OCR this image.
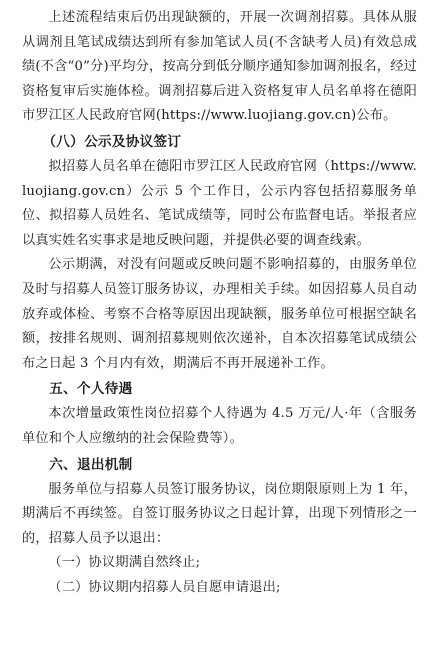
上述流程结束后仍出现缺额的，开展一次调剂招募。具体从服从调剂且笔试成绩达到所有参加笔试人员(不含缺考人员)有效总成绩(不含“0”分)平均分，按高分到低分顺序通知参加调剂报名，经过资格复审后实施体检。调剂招募后进入资格复审人员名单将在德阳市罗江区人民政府官网(https://www.luojiang.gov.cn)公布。

（八）公示及协议签订

拟招募人员名单在德阳市罗江区人民政府官网（https://www.luojiang.gov.cn）公示 5 个工作日，公示内容包括招募服务单位、拟招募人员姓名、笔试成绩等，同时公布监督电话。举报者应以真实姓名实事求是地反映问题，并提供必要的调查线索。

公示期满，对没有问题或反映问题不影响招募的，由服务单位及时与招募人员签订服务协议，办理相关手续。如因招募人员自动放弃或体检、考察不合格等原因出现缺额，服务单位可根据空缺名额，按排名规则、调剂招募规则依次递补，自本次招募笔试成绩公布之日起 3 个月内有效，期满后不再开展递补工作。

五、个人待遇

本次增量政策性岗位招募个人待遇为 4.5 万元/人·年（含服务单位和个人应缴纳的社会保险费等）。

六、退出机制

服务单位与招募人员签订服务协议，岗位期限原则上为 1 年，期满后不再续签。自签订服务协议之日起计算，出现下列情形之一的，招募人员予以退出：

（一）协议期满自然终止;

（二）协议期内招募人员自愿申请退出;
